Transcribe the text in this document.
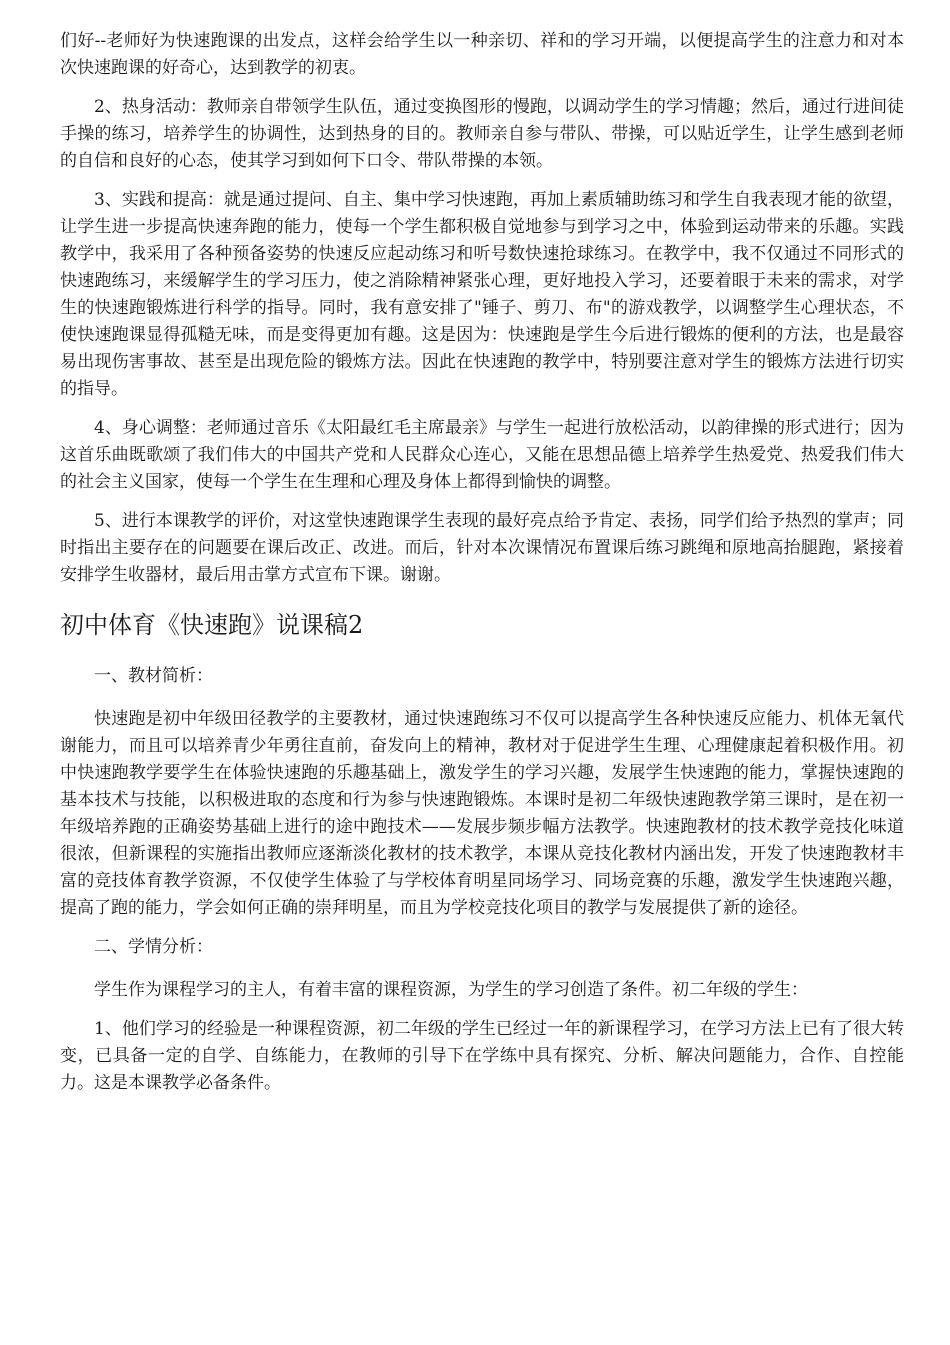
们好--老师好为快速跑课的出发点，这样会给学生以一种亲切、祥和的学习开端，以便提高学生的注意力和对本次快速跑课的好奇心，达到教学的初衷。

2、热身活动：教师亲自带领学生队伍，通过变换图形的慢跑，以调动学生的学习情趣；然后，通过行进间徒手操的练习，培养学生的协调性，达到热身的目的。教师亲自参与带队、带操，可以贴近学生，让学生感到老师的自信和良好的心态，使其学习到如何下口令、带队带操的本领。

3、实践和提高：就是通过提问、自主、集中学习快速跑，再加上素质辅助练习和学生自我表现才能的欲望，让学生进一步提高快速奔跑的能力，使每一个学生都积极自觉地参与到学习之中，体验到运动带来的乐趣。实践教学中，我采用了各种预备姿势的快速反应起动练习和听号数快速抢球练习。在教学中，我不仅通过不同形式的快速跑练习，来缓解学生的学习压力，使之消除精神紧张心理，更好地投入学习，还要着眼于未来的需求，对学生的快速跑锻炼进行科学的指导。同时，我有意安排了"锤子、剪刀、布"的游戏教学，以调整学生心理状态，不使快速跑课显得孤糙无味，而是变得更加有趣。这是因为：快速跑是学生今后进行锻炼的便利的方法，也是最容易出现伤害事故、甚至是出现危险的锻炼方法。因此在快速跑的教学中，特别要注意对学生的锻炼方法进行切实的指导。

4、身心调整：老师通过音乐《太阳最红毛主席最亲》与学生一起进行放松活动，以韵律操的形式进行；因为这首乐曲既歌颂了我们伟大的中国共产党和人民群众心连心，又能在思想品德上培养学生热爱党、热爱我们伟大的社会主义国家，使每一个学生在生理和心理及身体上都得到愉快的调整。

5、进行本课教学的评价，对这堂快速跑课学生表现的最好亮点给予肯定、表扬，同学们给予热烈的掌声；同时指出主要存在的问题要在课后改正、改进。而后，针对本次课情况布置课后练习跳绳和原地高抬腿跑，紧接着安排学生收器材，最后用击掌方式宣布下课。谢谢。

初中体育《快速跑》说课稿2

一、教材简析：

快速跑是初中年级田径教学的主要教材，通过快速跑练习不仅可以提高学生各种快速反应能力、机体无氧代谢能力，而且可以培养青少年勇往直前，奋发向上的精神，教材对于促进学生生理、心理健康起着积极作用。初中快速跑教学要学生在体验快速跑的乐趣基础上，激发学生的学习兴趣，发展学生快速跑的能力，掌握快速跑的基本技术与技能，以积极进取的态度和行为参与快速跑锻炼。本课时是初二年级快速跑教学第三课时，是在初一年级培养跑的正确姿势基础上进行的途中跑技术——发展步频步幅方法教学。快速跑教材的技术教学竞技化味道很浓，但新课程的实施指出教师应逐渐淡化教材的技术教学，本课从竞技化教材内涵出发，开发了快速跑教材丰富的竞技体育教学资源，不仅使学生体验了与学校体育明星同场学习、同场竞赛的乐趣，激发学生快速跑兴趣，提高了跑的能力，学会如何正确的崇拜明星，而且为学校竞技化项目的教学与发展提供了新的途径。

二、学情分析：

学生作为课程学习的主人，有着丰富的课程资源，为学生的学习创造了条件。初二年级的学生：

1、他们学习的经验是一种课程资源，初二年级的学生已经过一年的新课程学习，在学习方法上已有了很大转变，已具备一定的自学、自练能力，在教师的引导下在学练中具有探究、分析、解决问题能力，合作、自控能力。这是本课教学必备条件。
